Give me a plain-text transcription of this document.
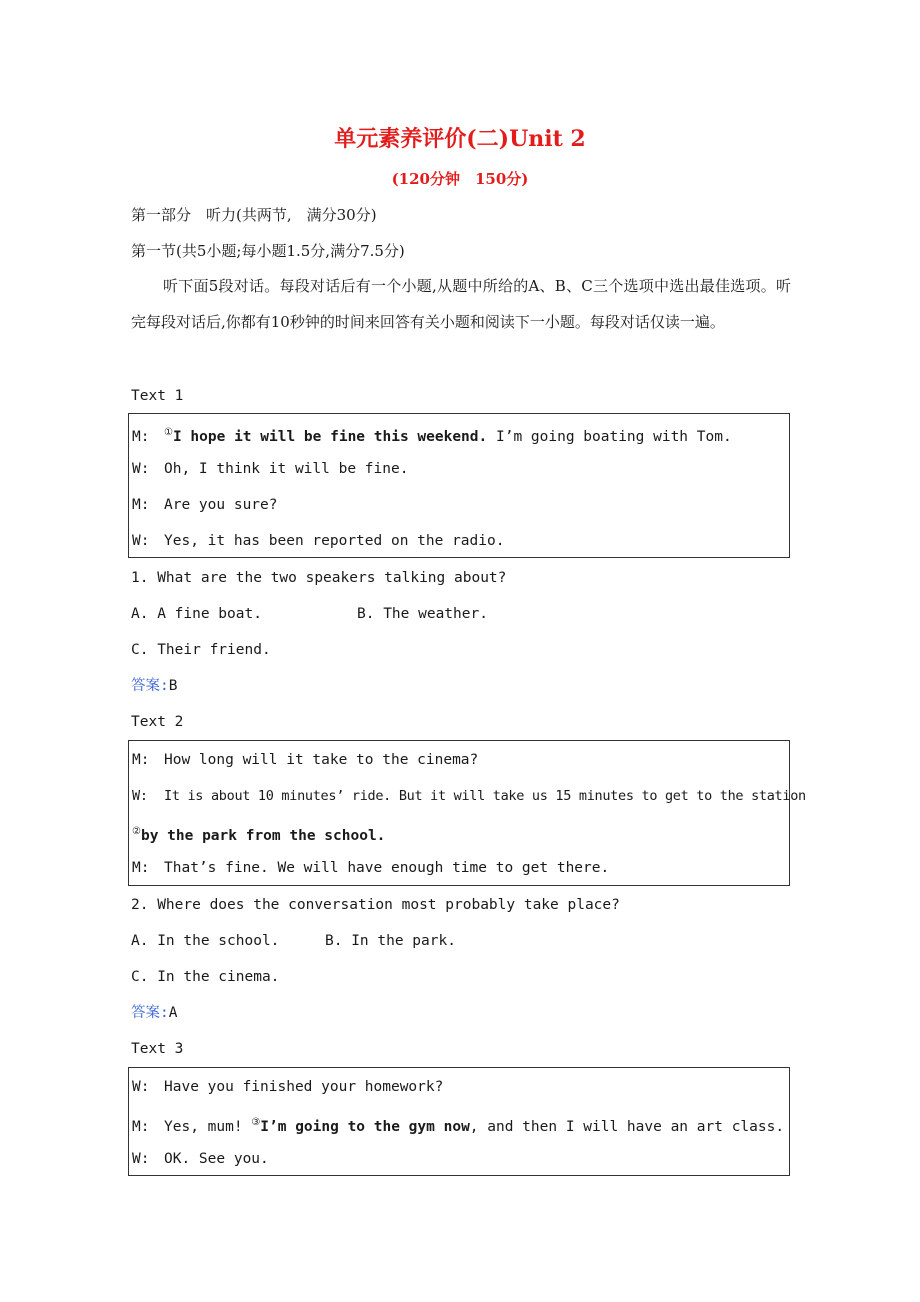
单元素养评价(二)Unit 2
(120分钟　150分)
第一部分　听力(共两节,　满分30分)
第一节(共5小题;每小题1.5分,满分7.5分)
听下面5段对话。每段对话后有一个小题,从题中所给的A、B、C三个选项中选出最佳选项。听完每段对话后,你都有10秒钟的时间来回答有关小题和阅读下一小题。每段对话仅读一遍。
Text 1
M: ①I hope it will be fine this weekend. I’m going boating with Tom.
W: Oh, I think it will be fine.
M: Are you sure?
W: Yes, it has been reported on the radio.
1. What are the two speakers talking about?
A. A fine boat.	B. The weather.
C. Their friend.
答案:B
Text 2
M: How long will it take to the cinema?
W: It is about 10 minutes’ ride. But it will take us 15 minutes to get to the station
②by the park from the school.
M: That’s fine. We will have enough time to get there.
2. Where does the conversation most probably take place?
A. In the school.	B. In the park.
C. In the cinema.
答案:A
Text 3
W: Have you finished your homework?
M: Yes, mum! ③I’m going to the gym now, and then I will have an art class.
W: OK. See you.
